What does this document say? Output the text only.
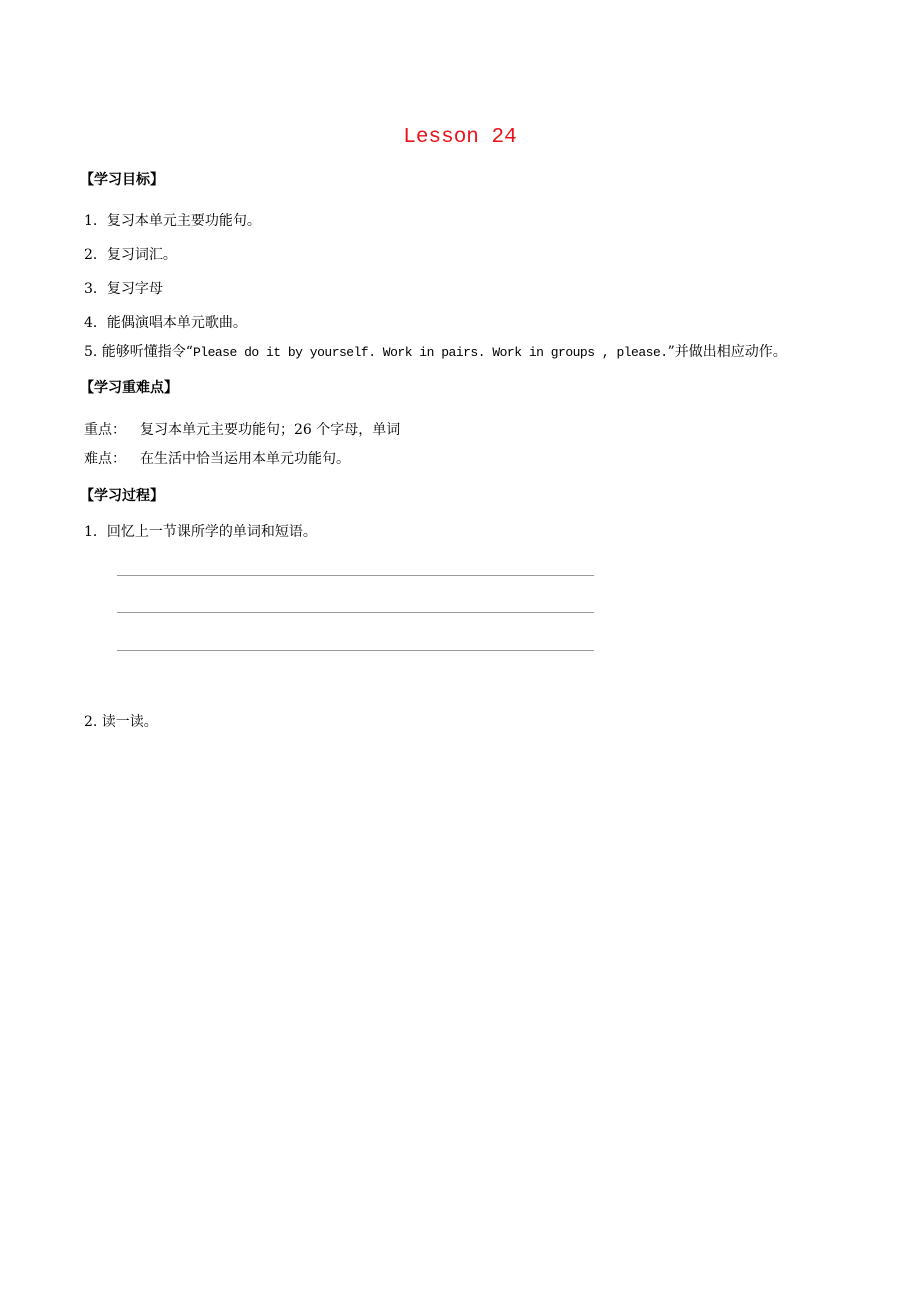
Lesson 24
【学习目标】
1．复习本单元主要功能句。
2．复习词汇。
3．复习字母
4．能偶演唱本单元歌曲。
5. 能够听懂指令“Please do it by yourself. Work in pairs. Work in groups , please.”并做出相应动作。
【学习重难点】
重点： 复习本单元主要功能句；26 个字母，单词
难点： 在生活中恰当运用本单元功能句。
【学习过程】
1．回忆上一节课所学的单词和短语。
2. 读一读。
